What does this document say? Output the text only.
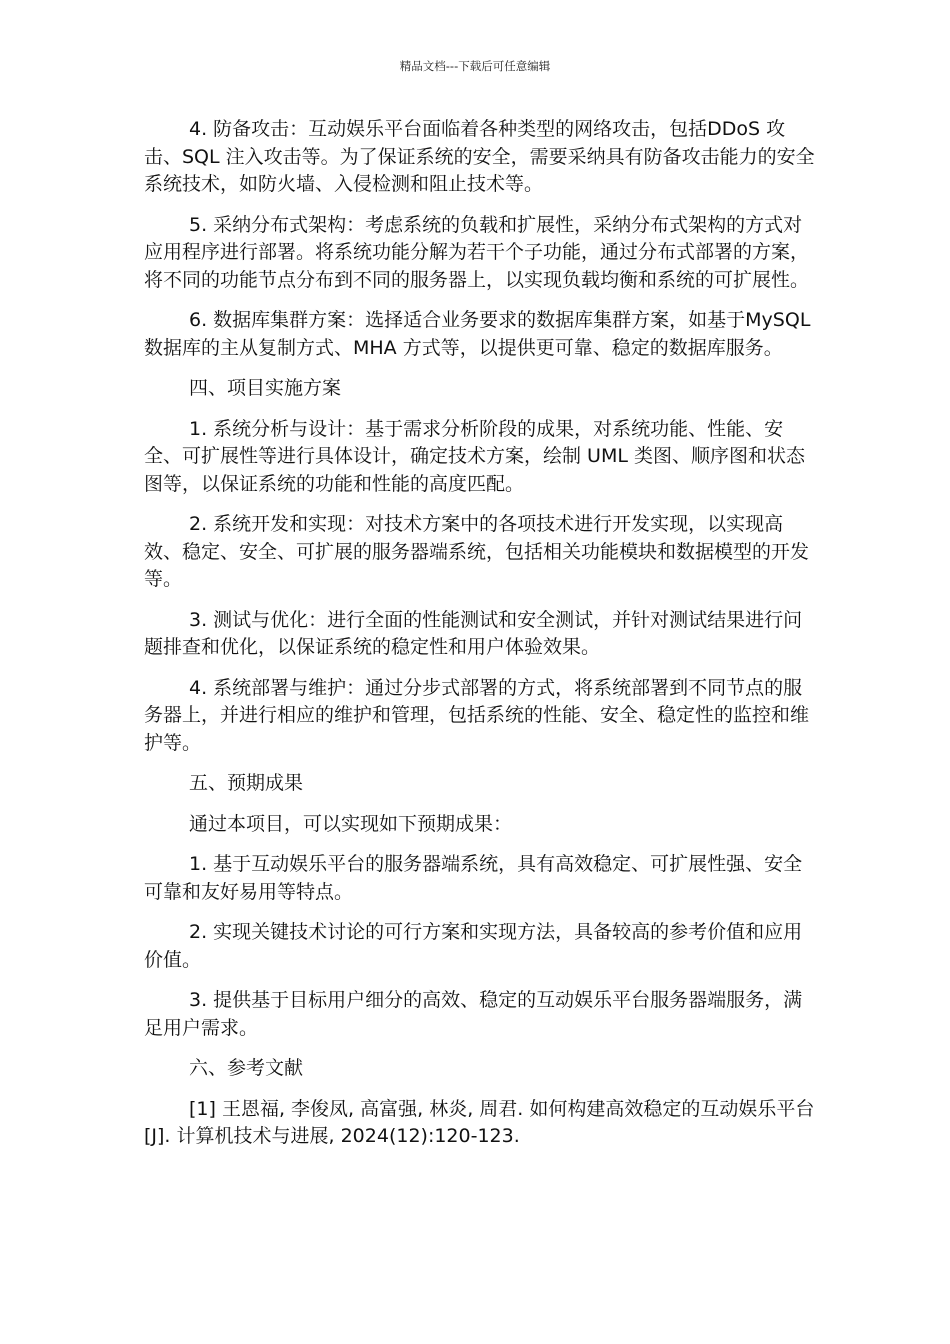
精品文档---下载后可任意编辑

4. 防备攻击：互动娱乐平台面临着各种类型的网络攻击，包括DDoS 攻击、SQL 注入攻击等。为了保证系统的安全，需要采纳具有防备攻击能力的安全系统技术，如防火墙、入侵检测和阻止技术等。

5. 采纳分布式架构：考虑系统的负载和扩展性，采纳分布式架构的方式对应用程序进行部署。将系统功能分解为若干个子功能，通过分布式部署的方案，将不同的功能节点分布到不同的服务器上，以实现负载均衡和系统的可扩展性。

6. 数据库集群方案：选择适合业务要求的数据库集群方案，如基于MySQL 数据库的主从复制方式、MHA 方式等，以提供更可靠、稳定的数据库服务。

四、项目实施方案

1. 系统分析与设计：基于需求分析阶段的成果，对系统功能、性能、安全、可扩展性等进行具体设计，确定技术方案，绘制 UML 类图、顺序图和状态图等，以保证系统的功能和性能的高度匹配。

2. 系统开发和实现：对技术方案中的各项技术进行开发实现，以实现高效、稳定、安全、可扩展的服务器端系统，包括相关功能模块和数据模型的开发等。

3. 测试与优化：进行全面的性能测试和安全测试，并针对测试结果进行问题排查和优化，以保证系统的稳定性和用户体验效果。

4. 系统部署与维护：通过分步式部署的方式，将系统部署到不同节点的服务器上，并进行相应的维护和管理，包括系统的性能、安全、稳定性的监控和维护等。

五、预期成果

通过本项目，可以实现如下预期成果：

1. 基于互动娱乐平台的服务器端系统，具有高效稳定、可扩展性强、安全可靠和友好易用等特点。

2. 实现关键技术讨论的可行方案和实现方法，具备较高的参考价值和应用价值。

3. 提供基于目标用户细分的高效、稳定的互动娱乐平台服务器端服务，满足用户需求。

六、参考文献

[1] 王恩福, 李俊凤, 高富强, 林炎, 周君. 如何构建高效稳定的互动娱乐平台[J]. 计算机技术与进展, 2024(12):120-123.
